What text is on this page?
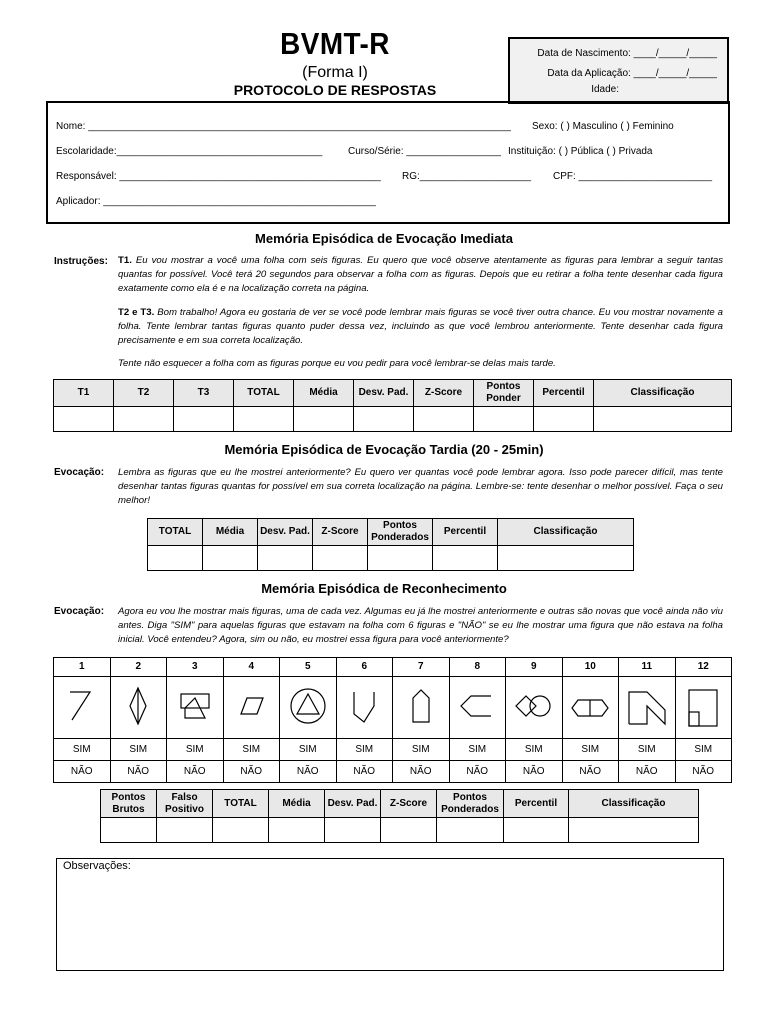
BVMT-R
(Forma I)
PROTOCOLO DE RESPOSTAS
Data de Nascimento: ____/_____/_____
Data da Aplicação: ____/_____/_____
Idade:
Nome: ____________________________________________________________________________ Sexo: ( ) Masculino ( ) Feminino
Escolaridade:_____________________________________	Curso/Série: _________________ Instituição: ( ) Pública ( ) Privada
Responsável: _______________________________________________ RG:____________________ CPF: ________________________
Aplicador: _________________________________________________
Memória Episódica de Evocação Imediata
Instruções: T1. Eu vou mostrar a você uma folha com seis figuras. Eu quero que você observe atentamente as figuras para lembrar a seguir tantas quantas for possível. Você terá 20 segundos para observar a folha com as figuras. Depois que eu retirar a folha tente desenhar cada figura exatamente como ela é e na localização correta na página.
T2 e T3. Bom trabalho! Agora eu gostaria de ver se você pode lembrar mais figuras se você tiver outra chance. Eu vou mostrar novamente a folha. Tente lembrar tantas figuras quanto puder dessa vez, incluindo as que você lembrou anteriormente. Tente desenhar cada figura precisamente e em sua correta localização.
Tente não esquecer a folha com as figuras porque eu vou pedir para você lembrar-se delas mais tarde.
T1	T2	T3	TOTAL	Média	Desv. Pad.	Z-Score	Pontos Ponder	Percentil	Classificação

Memória Episódica de Evocação Tardia (20 - 25min)
Evocação: Lembra as figuras que eu lhe mostrei anteriormente? Eu quero ver quantas você pode lembrar agora. Isso pode parecer difícil, mas tente desenhar tantas figuras quantas for possível em sua correta localização na página. Lembre-se: tente desenhar o melhor possível. Faça o seu melhor!
TOTAL	Média	Desv. Pad.	Z-Score	Pontos Ponderados	Percentil	Classificação

Memória Episódica de Reconhecimento
Evocação: Agora eu vou lhe mostrar mais figuras, uma de cada vez. Algumas eu já lhe mostrei anteriormente e outras são novas que você ainda não viu antes. Diga "SIM" para aquelas figuras que estavam na folha com 6 figuras e "NÃO" se eu lhe mostrar uma figura que não estava na folha inicial. Você entendeu? Agora, sim ou não, eu mostrei essa figura para você anteriormente?
1	2	3	4	5	6	7	8	9	10	11	12

SIM	SIM	SIM	SIM	SIM	SIM	SIM	SIM	SIM	SIM	SIM	SIM
NÃO	NÃO	NÃO	NÃO	NÃO	NÃO	NÃO	NÃO	NÃO	NÃO	NÃO	NÃO
Pontos Brutos	Falso Positivo	TOTAL	Média	Desv. Pad.	Z-Score	Pontos Ponderados	Percentil	Classificação

Observações:
